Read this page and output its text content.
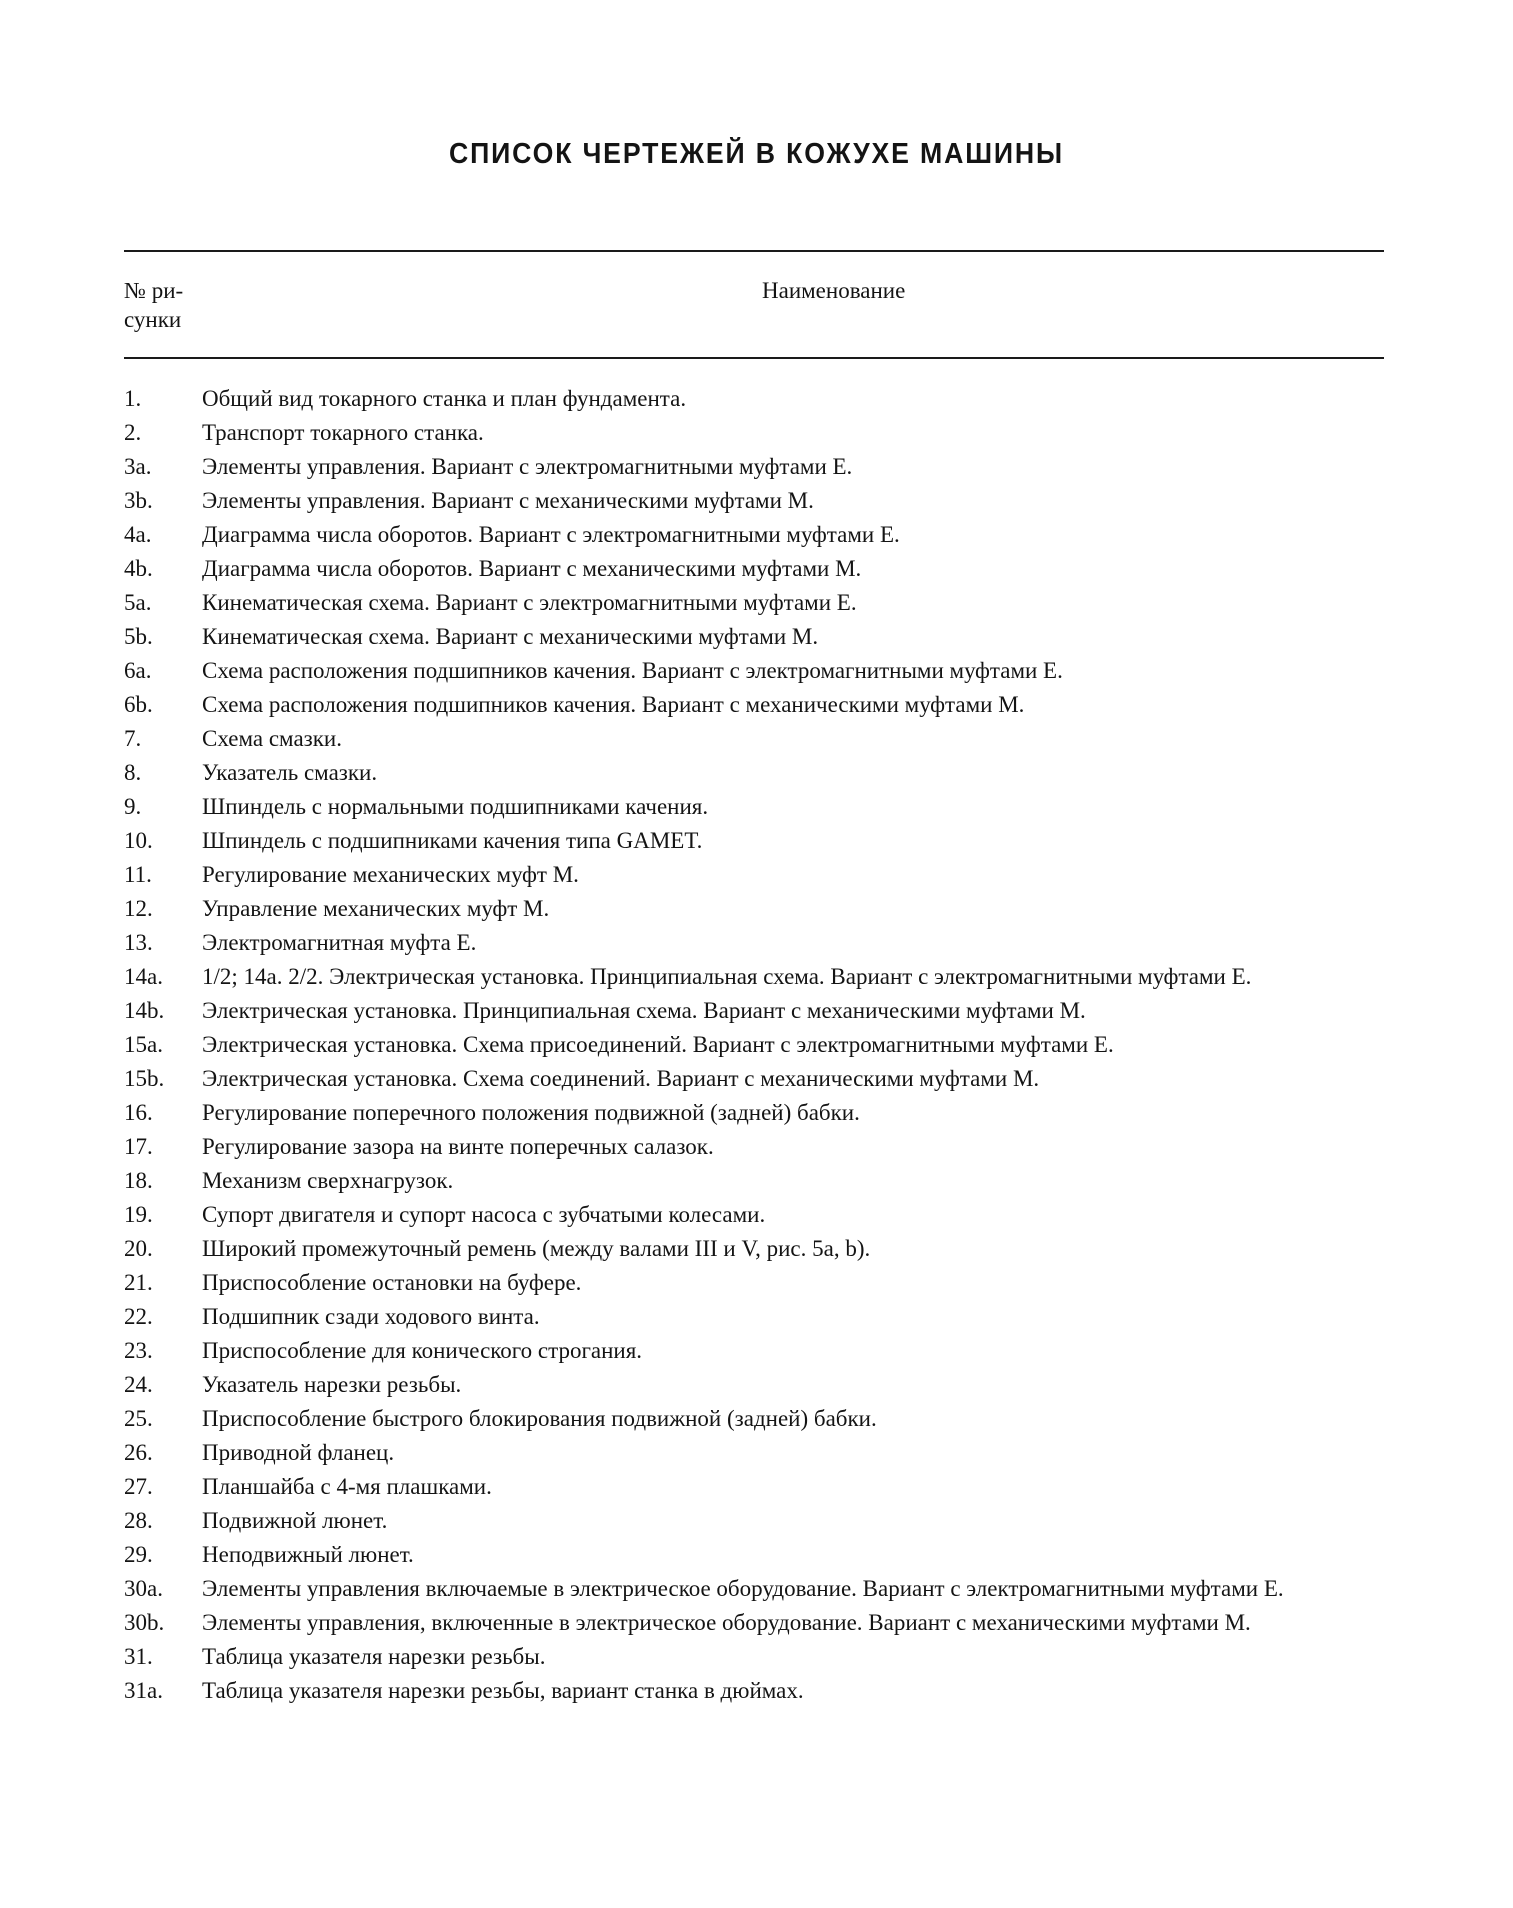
СПИСОК ЧЕРТЕЖЕЙ В КОЖУХЕ МАШИНЫ
№ ри-
сунки
Наименование
1.	Общий вид токарного станка и план фундамента.
2.	Транспорт токарного станка.
3a.	Элементы управления. Вариант с электромагнитными муфтами Е.
3b.	Элементы управления. Вариант с механическими муфтами М.
4a.	Диаграмма числа оборотов. Вариант с электромагнитными муфтами Е.
4b.	Диаграмма числа оборотов. Вариант с механическими муфтами М.
5a.	Кинематическая схема. Вариант с электромагнитными муфтами Е.
5b.	Кинематическая схема. Вариант с механическими муфтами М.
6a.	Схема расположения подшипников качения. Вариант с электромагнитными муфтами Е.
6b.	Схема расположения подшипников качения. Вариант с механическими муфтами М.
7.	Схема смазки.
8.	Указатель смазки.
9.	Шпиндель с нормальными подшипниками качения.
10.	Шпиндель с подшипниками качения типа GAMET.
11.	Регулирование механических муфт М.
12.	Управление механических муфт М.
13.	Электромагнитная муфта Е.
14a.	1/2; 14a. 2/2. Электрическая установка. Принципиальная схема. Вариант с электромагнитными муфтами Е.
14b.	Электрическая установка. Принципиальная схема. Вариант с механическими муфтами М.
15a.	Электрическая установка. Схема присоединений. Вариант с электромагнитными муфтами Е.
15b.	Электрическая установка. Схема соединений. Вариант с механическими муфтами М.
16.	Регулирование поперечного положения подвижной (задней) бабки.
17.	Регулирование зазора на винте поперечных салазок.
18.	Механизм сверхнагрузок.
19.	Супорт двигателя и супорт насоса с зубчатыми колесами.
20.	Широкий промежуточный ремень (между валами III и V, рис. 5a, b).
21.	Приспособление остановки на буфере.
22.	Подшипник сзади ходового винта.
23.	Приспособление для конического строгания.
24.	Указатель нарезки резьбы.
25.	Приспособление быстрого блокирования подвижной (задней) бабки.
26.	Приводной фланец.
27.	Планшайба с 4-мя плашками.
28.	Подвижной люнет.
29.	Неподвижный люнет.
30a.	Элементы управления включаемые в электрическое оборудование. Вариант с электромагнитными муфтами Е.
30b.	Элементы управления, включенные в электрическое оборудование. Вариант с механическими муфтами М.
31.	Таблица указателя нарезки резьбы.
31a.	Таблица указателя нарезки резьбы, вариант станка в дюймах.
